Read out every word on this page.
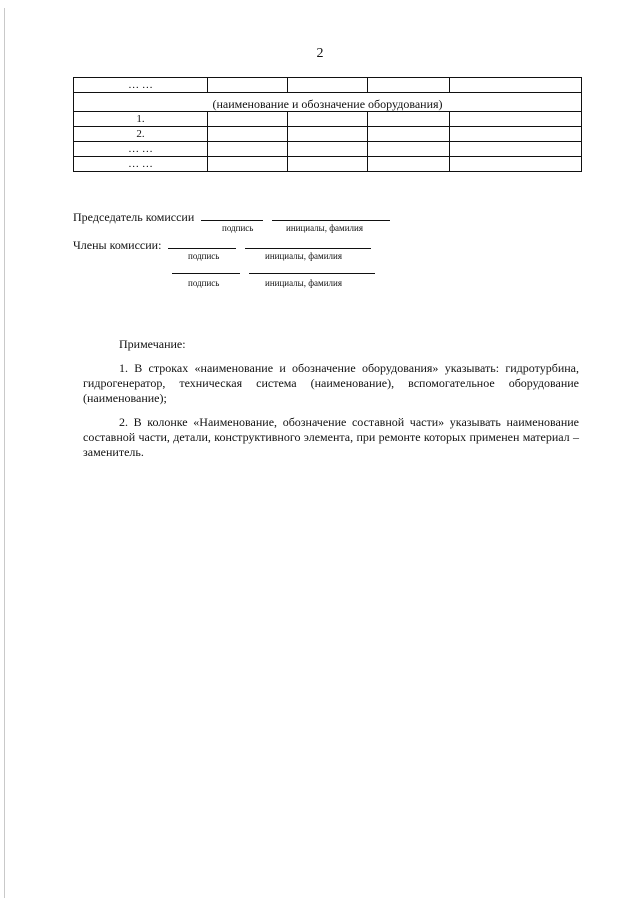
2
… …				
(наименование и обозначение оборудования)				
1.				
2.				
… …				
… …				
Председатель комиссии
подпись	инициалы, фамилия
Члены комиссии:
подпись	инициалы, фамилия

подпись	инициалы, фамилия

Примечание:

1. В строках «наименование и обозначение оборудования» указывать: гидротурбина, гидрогенератор, техническая система (наименование), вспомогательное оборудование (наименование);

2. В колонке «Наименование, обозначение составной части» указывать наименование составной части, детали, конструктивного элемента, при ремонте которых применен материал – заменитель.
